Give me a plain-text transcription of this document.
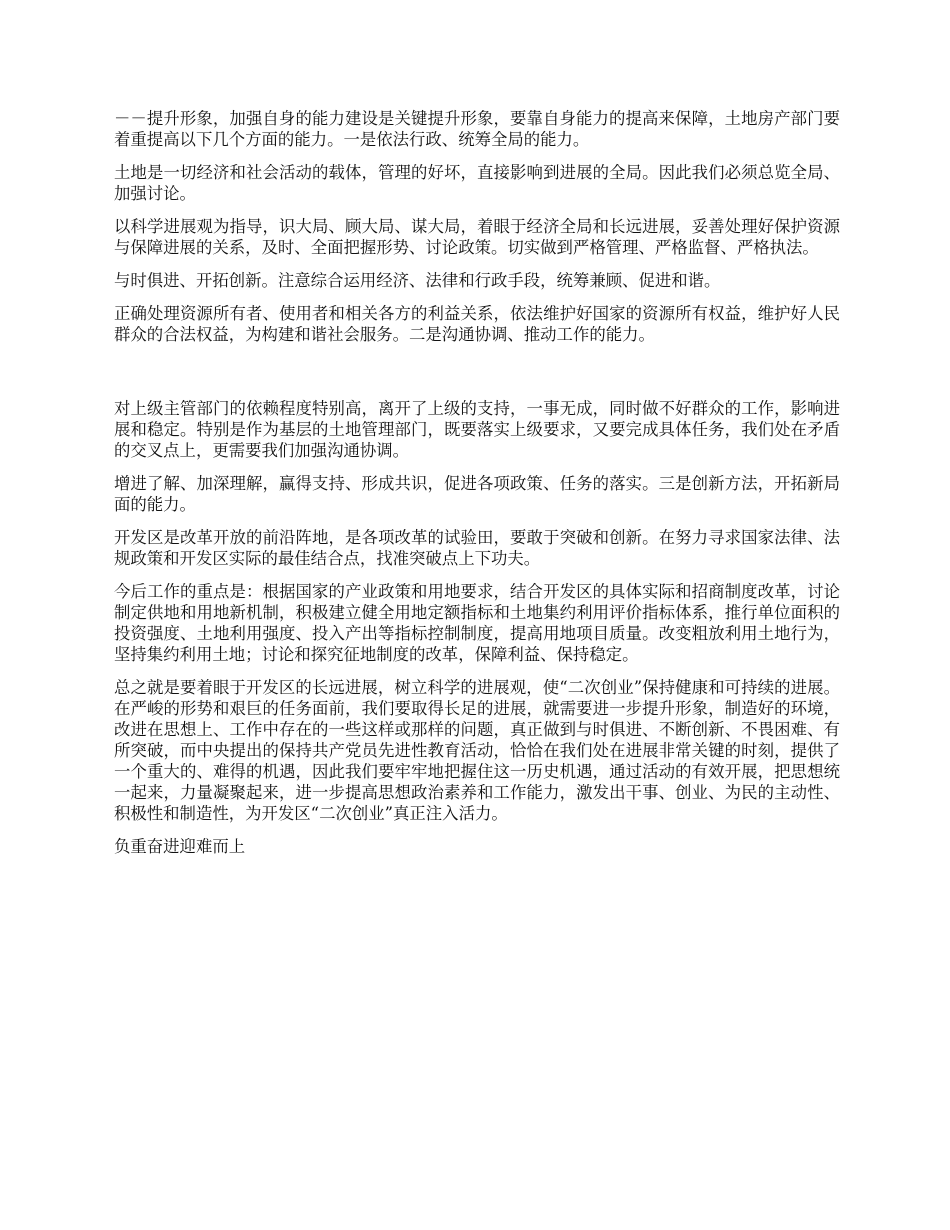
－－提升形象，加强自身的能力建设是关键提升形象，要靠自身能力的提高来保障，土地房产部门要着重提高以下几个方面的能力。一是依法行政、统筹全局的能力。

土地是一切经济和社会活动的载体，管理的好坏，直接影响到进展的全局。因此我们必须总览全局、加强讨论。

以科学进展观为指导，识大局、顾大局、谋大局，着眼于经济全局和长远进展，妥善处理好保护资源与保障进展的关系，及时、全面把握形势、讨论政策。切实做到严格管理、严格监督、严格执法。

与时俱进、开拓创新。注意综合运用经济、法律和行政手段，统筹兼顾、促进和谐。

正确处理资源所有者、使用者和相关各方的利益关系，依法维护好国家的资源所有权益，维护好人民群众的合法权益，为构建和谐社会服务。二是沟通协调、推动工作的能力。

对上级主管部门的依赖程度特别高，离开了上级的支持，一事无成，同时做不好群众的工作，影响进展和稳定。特别是作为基层的土地管理部门，既要落实上级要求，又要完成具体任务，我们处在矛盾的交叉点上，更需要我们加强沟通协调。

增进了解、加深理解，赢得支持、形成共识，促进各项政策、任务的落实。三是创新方法，开拓新局面的能力。

开发区是改革开放的前沿阵地，是各项改革的试验田，要敢于突破和创新。在努力寻求国家法律、法规政策和开发区实际的最佳结合点，找准突破点上下功夫。

今后工作的重点是：根据国家的产业政策和用地要求，结合开发区的具体实际和招商制度改革，讨论制定供地和用地新机制，积极建立健全用地定额指标和土地集约利用评价指标体系，推行单位面积的投资强度、土地利用强度、投入产出等指标控制制度，提高用地项目质量。改变粗放利用土地行为，坚持集约利用土地；讨论和探究征地制度的改革，保障利益、保持稳定。

总之就是要着眼于开发区的长远进展，树立科学的进展观，使“二次创业”保持健康和可持续的进展。在严峻的形势和艰巨的任务面前，我们要取得长足的进展，就需要进一步提升形象，制造好的环境，改进在思想上、工作中存在的一些这样或那样的问题，真正做到与时俱进、不断创新、不畏困难、有所突破，而中央提出的保持共产党员先进性教育活动，恰恰在我们处在进展非常关键的时刻，提供了一个重大的、难得的机遇，因此我们要牢牢地把握住这一历史机遇，通过活动的有效开展，把思想统一起来，力量凝聚起来，进一步提高思想政治素养和工作能力，激发出干事、创业、为民的主动性、积极性和制造性，为开发区“二次创业”真正注入活力。

负重奋进迎难而上
